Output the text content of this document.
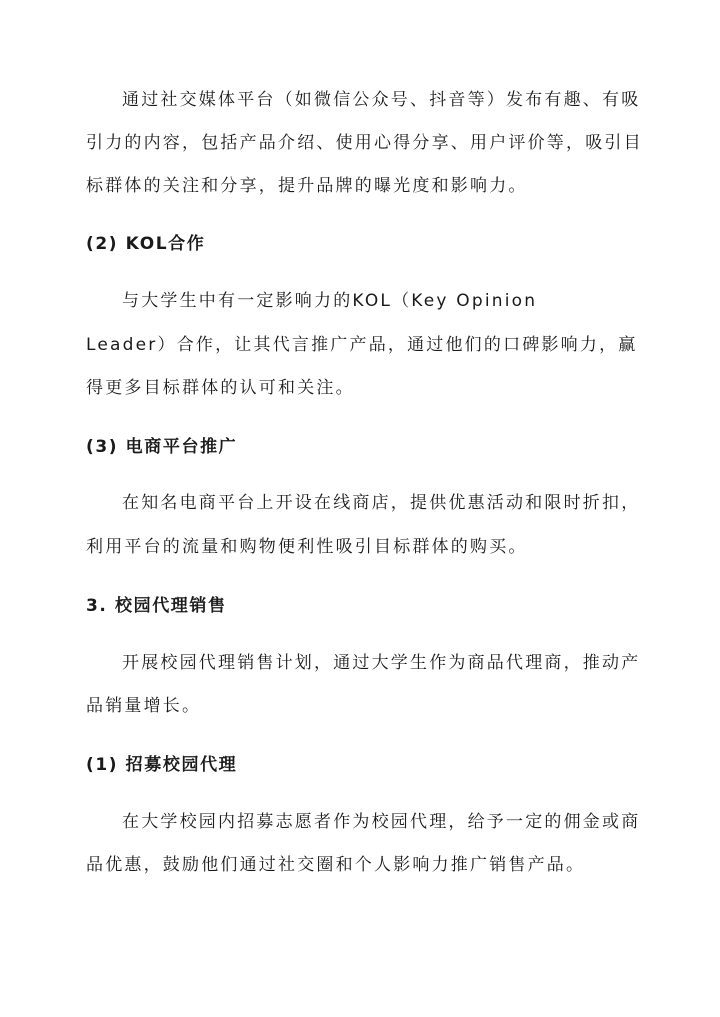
通过社交媒体平台（如微信公众号、抖音等）发布有趣、有吸
引力的内容，包括产品介绍、使用心得分享、用户评价等，吸引目
标群体的关注和分享，提升品牌的曝光度和影响力。
(2) KOL合作
与大学生中有一定影响力的KOL（Key Opinion
Leader）合作，让其代言推广产品，通过他们的口碑影响力，赢
得更多目标群体的认可和关注。
(3) 电商平台推广
在知名电商平台上开设在线商店，提供优惠活动和限时折扣，
利用平台的流量和购物便利性吸引目标群体的购买。
3. 校园代理销售
开展校园代理销售计划，通过大学生作为商品代理商，推动产
品销量增长。
(1) 招募校园代理
在大学校园内招募志愿者作为校园代理，给予一定的佣金或商
品优惠，鼓励他们通过社交圈和个人影响力推广销售产品。
